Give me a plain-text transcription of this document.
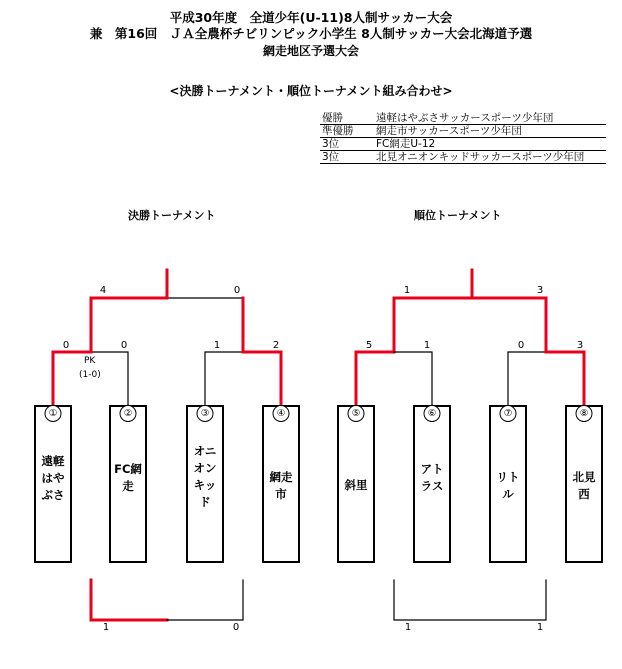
平成30年度　全道少年(U-11)8人制サッカー大会
兼　第16回　ＪＡ全農杯チビリンピック小学生 8人制サッカー大会北海道予選
網走地区予選大会
<決勝トーナメント・順位トーナメント組み合わせ>
優勝	遠軽はやぶさサッカースポーツ少年団
準優勝	網走市サッカースポーツ少年団
3位	FC網走U-12
3位	北見オニオンキッドサッカースポーツ少年団
決勝トーナメント	順位トーナメント
4	0
0	0
PK
(1-0)
1	2
1	0
1	3
5	1	0	3
1	1
①
遠軽はやぶさ
②
FC網走
③
オニオンキッド
④
網走市
⑤
斜里
⑥
アトラス
⑦
リトル
⑧
北見西
